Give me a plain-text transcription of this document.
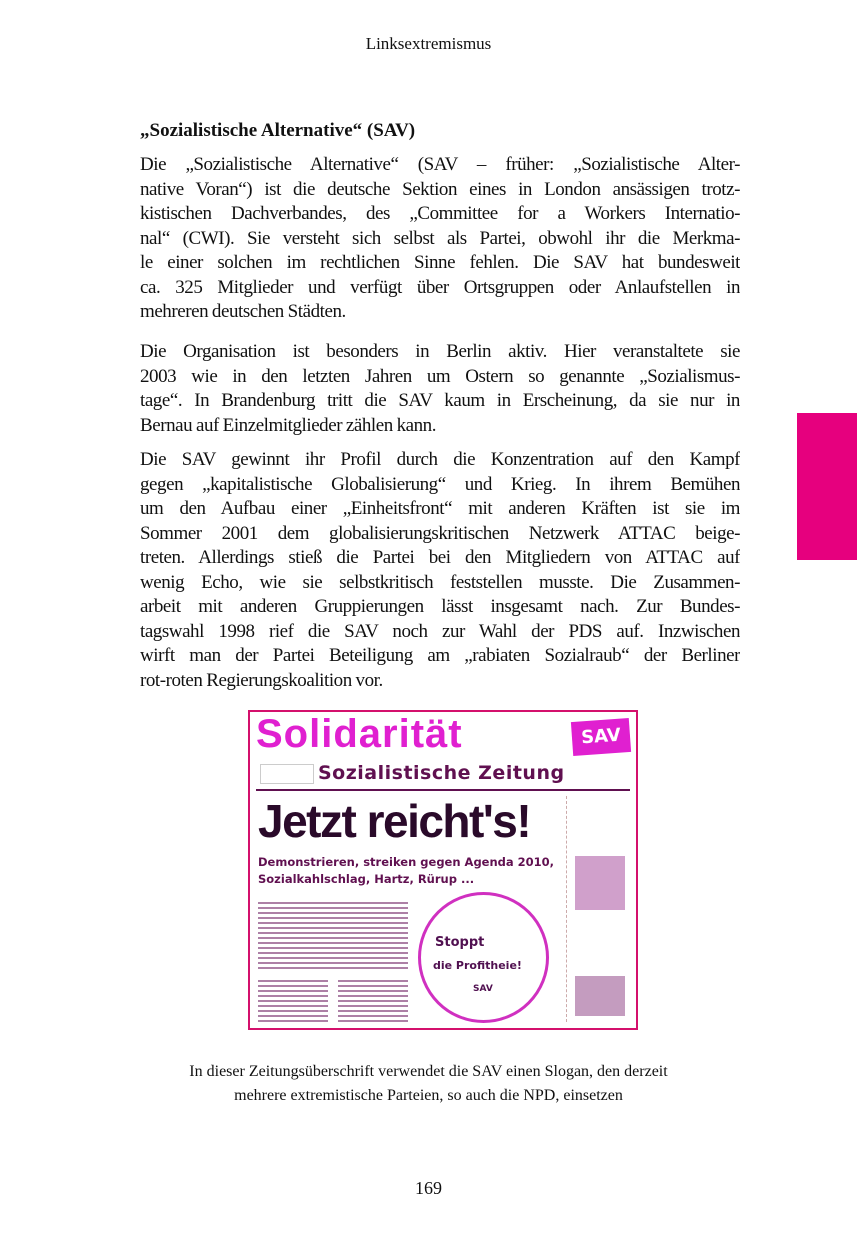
Linksextremismus
„Sozialistische Alternative“ (SAV)
Die „Sozialistische Alternative“ (SAV – früher: „Sozialistische Alter-
native Voran“) ist die deutsche Sektion eines in London ansässigen trotz-
kistischen Dachverbandes, des „Committee for a Workers Internatio-
nal“ (CWI). Sie versteht sich selbst als Partei, obwohl ihr die Merkma-
le einer solchen im rechtlichen Sinne fehlen. Die SAV hat bundesweit
ca. 325 Mitglieder und verfügt über Ortsgruppen oder Anlaufstellen in
mehreren deutschen Städten.
Die Organisation ist besonders in Berlin aktiv. Hier veranstaltete sie
2003 wie in den letzten Jahren um Ostern so genannte „Sozialismus-
tage“. In Brandenburg tritt die SAV kaum in Erscheinung, da sie nur in
Bernau auf Einzelmitglieder zählen kann.
Die SAV gewinnt ihr Profil durch die Konzentration auf den Kampf
gegen „kapitalistische Globalisierung“ und Krieg. In ihrem Bemühen
um den Aufbau einer „Einheitsfront“ mit anderen Kräften ist sie im
Sommer 2001 dem globalisierungskritischen Netzwerk ATTAC beige-
treten. Allerdings stieß die Partei bei den Mitgliedern von ATTAC auf
wenig Echo, wie sie selbstkritisch feststellen musste. Die Zusammen-
arbeit mit anderen Gruppierungen lässt insgesamt nach. Zur Bundes-
tagswahl 1998 rief die SAV noch zur Wahl der PDS auf. Inzwischen
wirft man der Partei Beteiligung am „rabiaten Sozialraub“ der Berliner
rot-roten Regierungskoalition vor.
Solidarität	SAV
Sozialistische Zeitung
Jetzt reicht's!
Demonstrieren, streiken gegen Agenda 2010, Sozialkahlschlag, Hartz, Rürup ...
Stoppt
die Profitheie!
SAV
In dieser Zeitungsüberschrift verwendet die SAV einen Slogan, den derzeit
mehrere extremistische Parteien, so auch die NPD, einsetzen
169
